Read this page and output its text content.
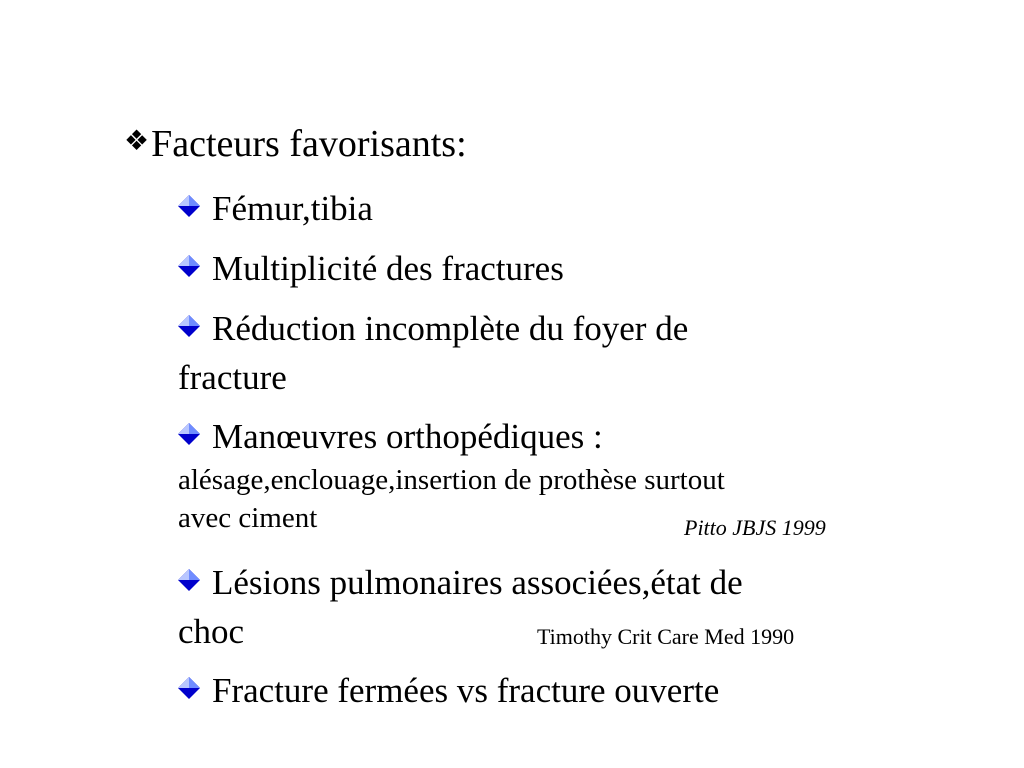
❖Facteurs favorisants:
Fémur,tibia
Multiplicité des fractures
Réduction incomplète du foyer de
fracture
Manœuvres orthopédiques :
alésage,enclouage,insertion de prothèse surtout
avec ciment	Pitto JBJS 1999
Lésions pulmonaires associées,état de
choc	Timothy Crit Care Med 1990
Fracture fermées vs fracture ouverte
